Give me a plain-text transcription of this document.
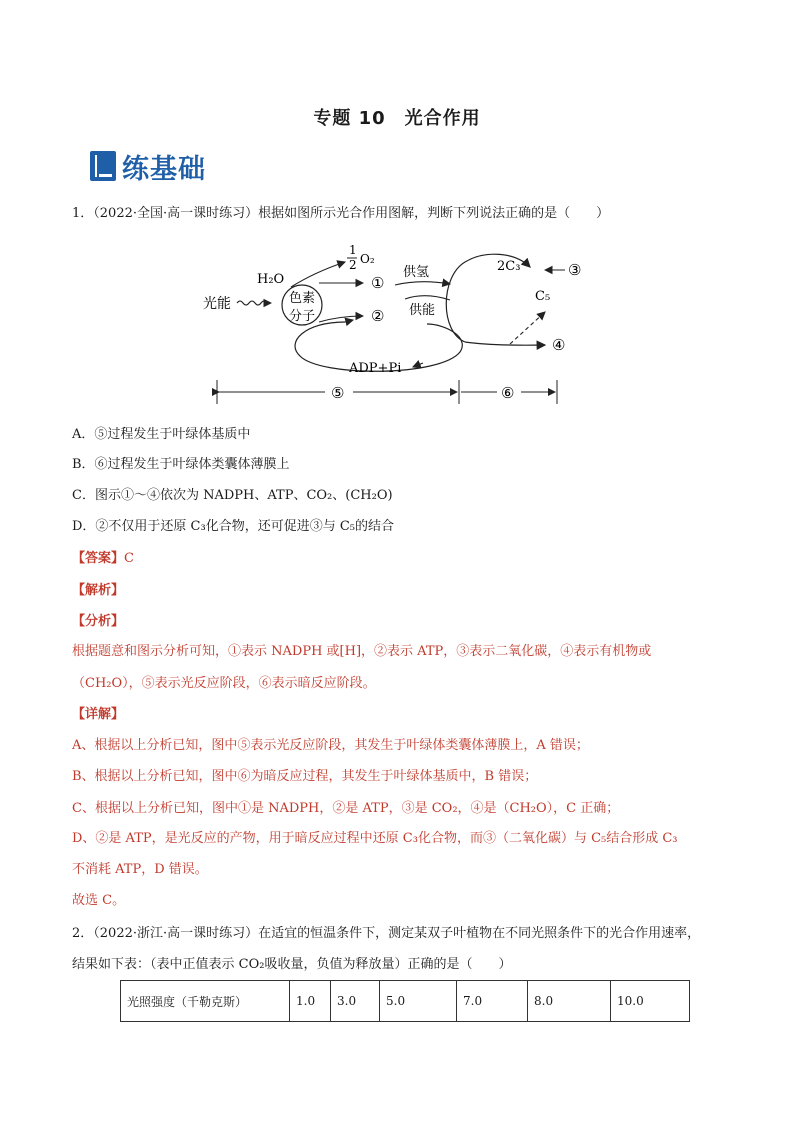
专题 10　光合作用
练基础
1．（2022·全国·高一课时练习）根据如图所示光合作用图解，判断下列说法正确的是（　　）
光能
H₂O
色素
分子
1
2 O₂
①
②
供氢
供能
2C₃
C₅
③
④
ADP+Pi
⑤	⑥
A．⑤过程发生于叶绿体基质中
B．⑥过程发生于叶绿体类囊体薄膜上
C．图示①～④依次为 NADPH、ATP、CO₂、(CH₂O)
D．②不仅用于还原 C₃化合物，还可促进③与 C₅的结合
【答案】C
【解析】
【分析】
根据题意和图示分析可知，①表示 NADPH 或[H]，②表示 ATP，③表示二氧化碳，④表示有机物或
（CH₂O），⑤表示光反应阶段，⑥表示暗反应阶段。
【详解】
A、根据以上分析已知，图中⑤表示光反应阶段，其发生于叶绿体类囊体薄膜上，A 错误；
B、根据以上分析已知，图中⑥为暗反应过程，其发生于叶绿体基质中，B 错误；
C、根据以上分析已知，图中①是 NADPH，②是 ATP，③是 CO₂，④是（CH₂O），C 正确；
D、②是 ATP，是光反应的产物，用于暗反应过程中还原 C₃化合物，而③（二氧化碳）与 C₅结合形成 C₃
不消耗 ATP，D 错误。
故选 C。
2．（2022·浙江·高一课时练习）在适宜的恒温条件下，测定某双子叶植物在不同光照条件下的光合作用速率，
结果如下表：（表中正值表示 CO₂吸收量，负值为释放量）正确的是（　　）
光照强度（千勒克斯）	1.0	3.0	5.0	7.0	8.0	10.0
